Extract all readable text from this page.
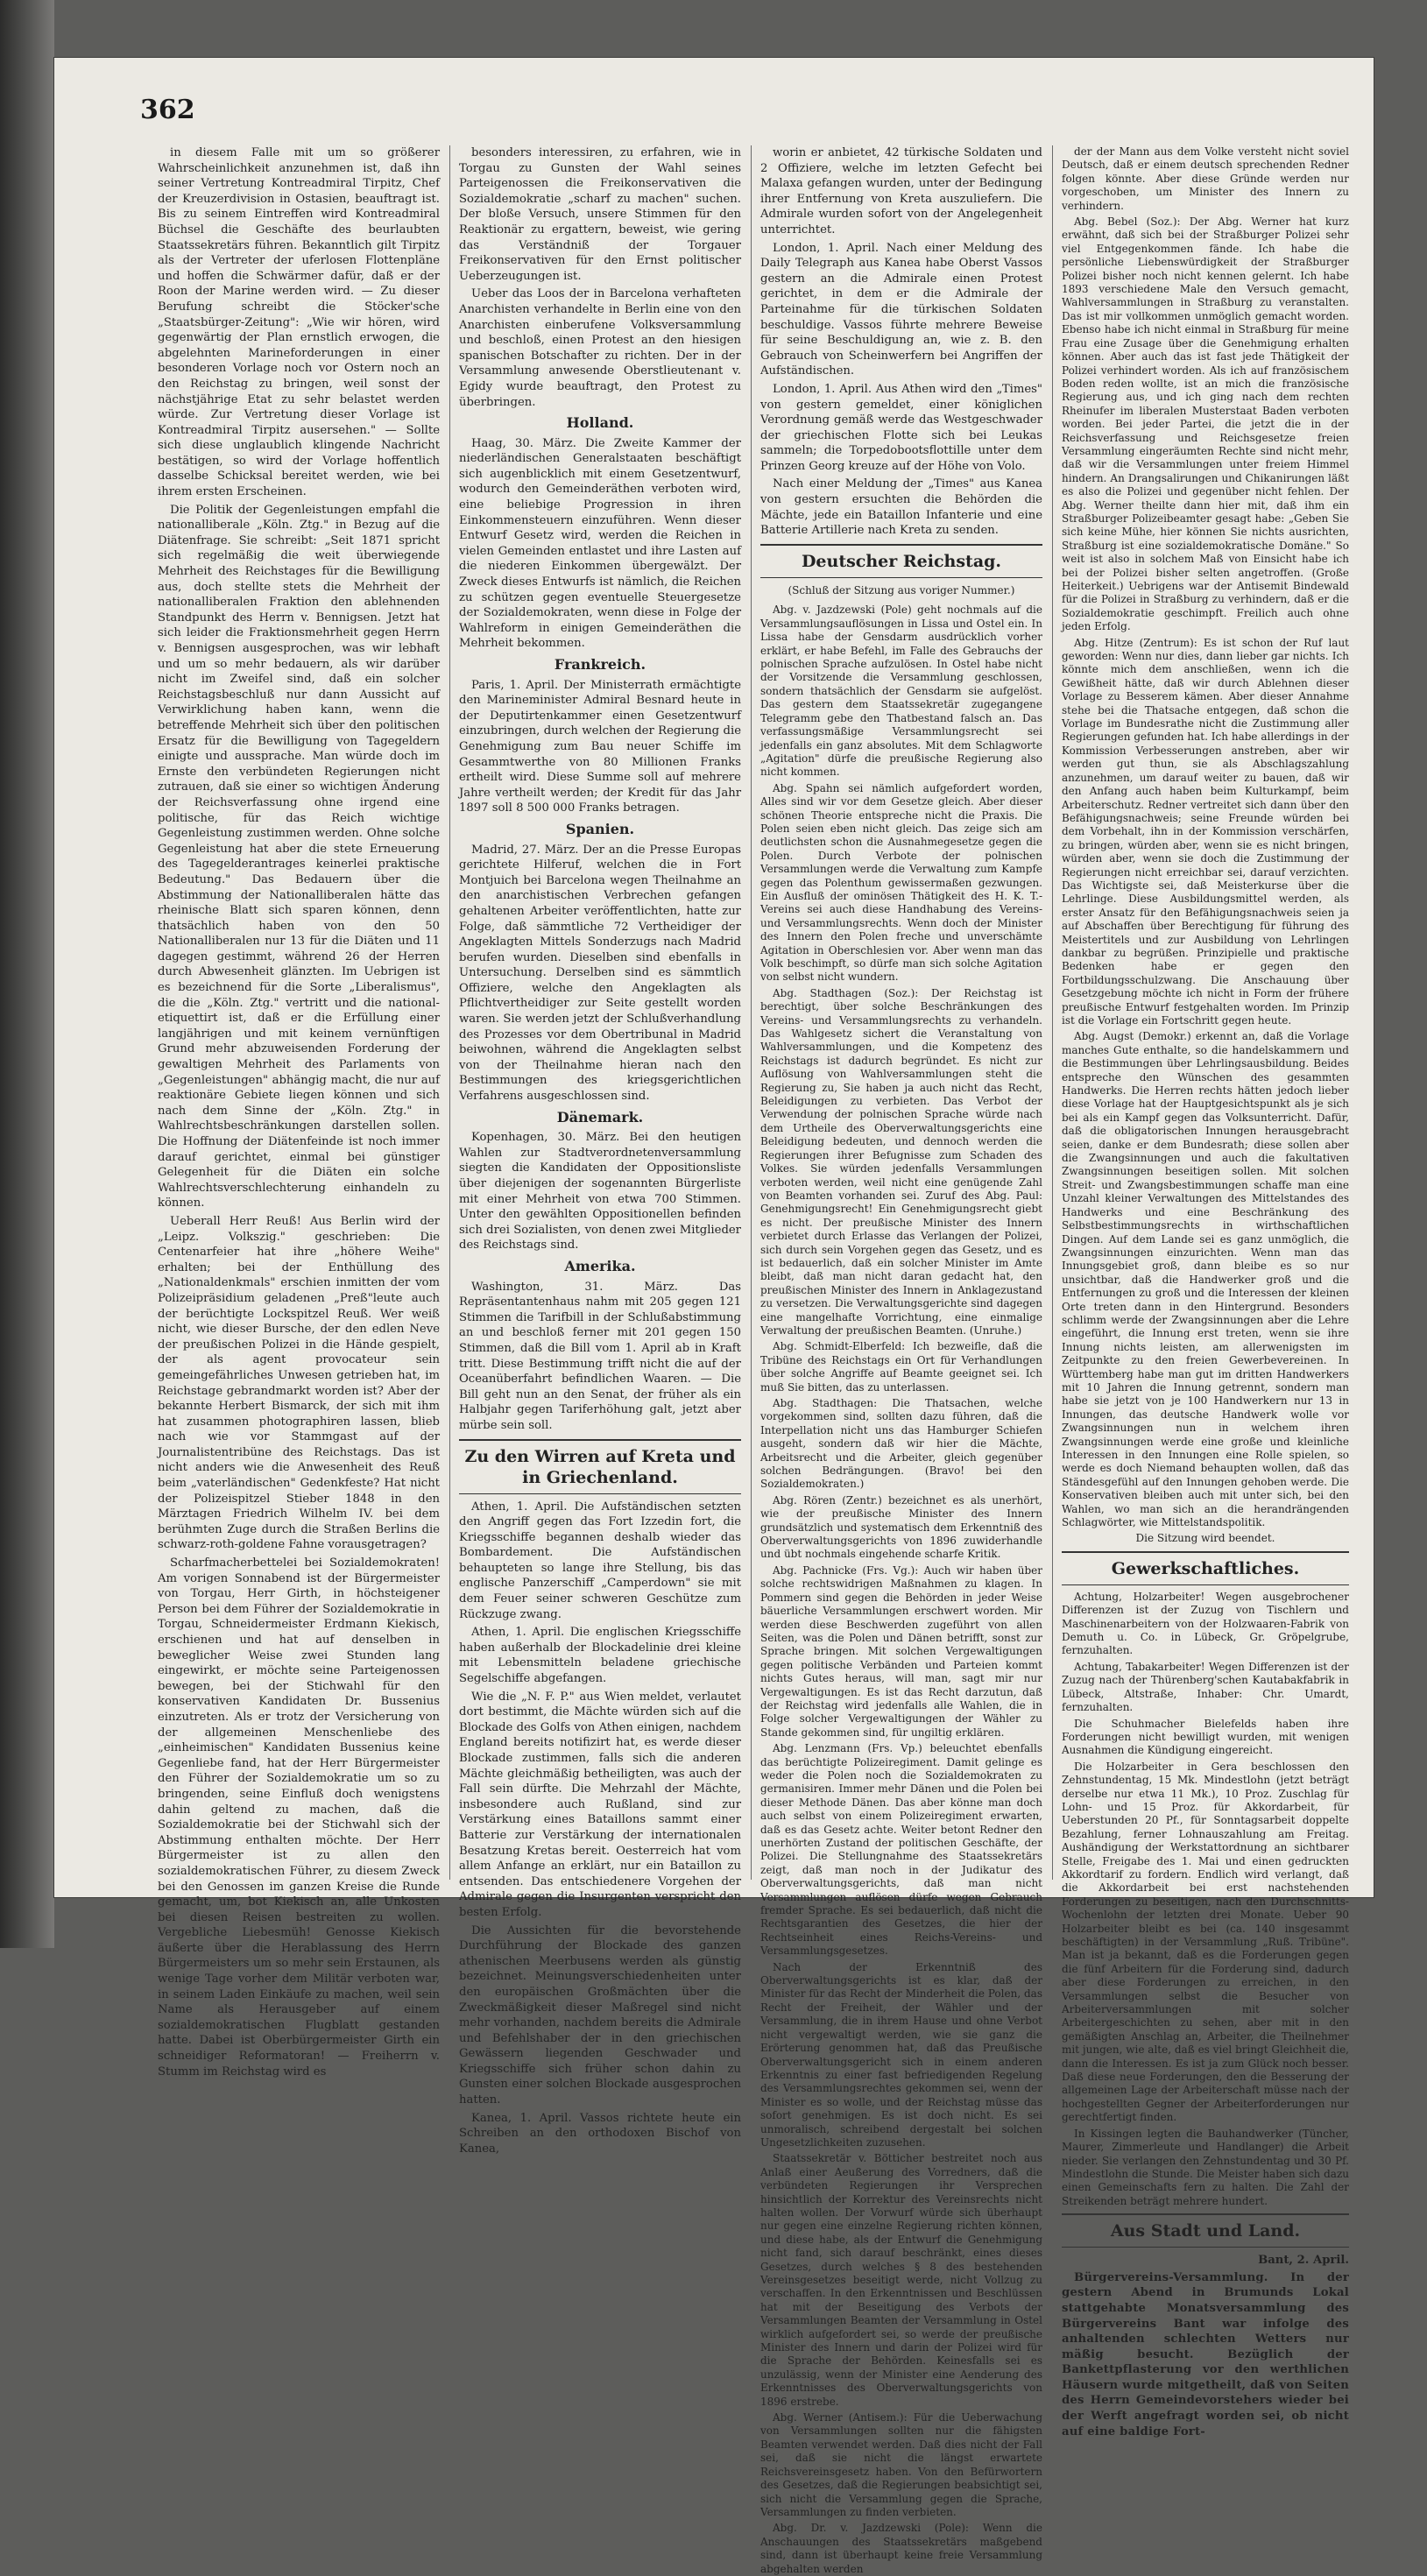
362

in diesem Falle mit um so größerer Wahrscheinlichkeit anzunehmen ist, daß ihn seiner Vertretung Kontreadmiral Tirpitz, Chef der Kreuzerdivision in Ostasien, beauftragt ist. Bis zu seinem Eintreffen wird Kontreadmiral Büchsel die Geschäfte des beurlaubten Staatssekretärs führen. Bekanntlich gilt Tirpitz als der Vertreter der uferlosen Flottenpläne und hoffen die Schwärmer dafür, daß er der Roon der Marine werden wird. — Zu dieser Berufung schreibt die Stöcker'sche „Staatsbürger-Zeitung": „Wie wir hören, wird gegenwärtig der Plan ernstlich erwogen, die abgelehnten Marineforderungen in einer besonderen Vorlage noch vor Ostern noch an den Reichstag zu bringen, weil sonst der nächstjährige Etat zu sehr belastet werden würde. Zur Vertretung dieser Vorlage ist Kontreadmiral Tirpitz ausersehen." — Sollte sich diese unglaublich klingende Nachricht bestätigen, so wird der Vorlage hoffentlich dasselbe Schicksal bereitet werden, wie bei ihrem ersten Erscheinen.

Die Politik der Gegenleistungen empfahl die nationalliberale „Köln. Ztg." in Bezug auf die Diätenfrage. Sie schreibt: „Seit 1871 spricht sich regelmäßig die weit überwiegende Mehrheit des Reichstages für die Bewilligung aus, doch stellte stets die Mehrheit der nationalliberalen Fraktion den ablehnenden Standpunkt des Herrn v. Bennigsen. Jetzt hat sich leider die Fraktionsmehrheit gegen Herrn v. Bennigsen ausgesprochen, was wir lebhaft und um so mehr bedauern, als wir darüber nicht im Zweifel sind, daß ein solcher Reichstagsbeschluß nur dann Aussicht auf Verwirklichung haben kann, wenn die betreffende Mehrheit sich über den politischen Ersatz für die Bewilligung von Tagegeldern einigte und aussprache. Man würde doch im Ernste den verbündeten Regierungen nicht zutrauen, daß sie einer so wichtigen Änderung der Reichsverfassung ohne irgend eine politische, für das Reich wichtige Gegenleistung zustimmen werden. Ohne solche Gegenleistung hat aber die stete Erneuerung des Tagegelderantrages keinerlei praktische Bedeutung." Das Bedauern über die Abstimmung der Nationalliberalen hätte das rheinische Blatt sich sparen können, denn thatsächlich haben von den 50 Nationalliberalen nur 13 für die Diäten und 11 dagegen gestimmt, während 26 der Herren durch Abwesenheit glänzten. Im Uebrigen ist es bezeichnend für die Sorte „Liberalismus", die die „Köln. Ztg." vertritt und die national-etiquettirt ist, daß er die Erfüllung einer langjährigen und mit keinem vernünftigen Grund mehr abzuweisenden Forderung der gewaltigen Mehrheit des Parlaments von „Gegenleistungen" abhängig macht, die nur auf reaktionäre Gebiete liegen können und sich nach dem Sinne der „Köln. Ztg." in Wahlrechtsbeschränkungen darstellen sollen. Die Hoffnung der Diätenfeinde ist noch immer darauf gerichtet, einmal bei günstiger Gelegenheit für die Diäten ein solche Wahlrechtsverschlechterung einhandeln zu können.

Ueberall Herr Reuß! Aus Berlin wird der „Leipz. Volkszig." geschrieben: Die Centenarfeier hat ihre „höhere Weihe" erhalten; bei der Enthüllung des „Nationaldenkmals" erschien inmitten der vom Polizeipräsidium geladenen „Preß"leute auch der berüchtigte Lockspitzel Reuß. Wer weiß nicht, wie dieser Bursche, der den edlen Neve der preußischen Polizei in die Hände gespielt, der als agent provocateur sein gemeingefährliches Unwesen getrieben hat, im Reichstage gebrandmarkt worden ist? Aber der bekannte Herbert Bismarck, der sich mit ihm hat zusammen photographiren lassen, blieb nach wie vor Stammgast auf der Journalistentribüne des Reichstags. Das ist nicht anders wie die Anwesenheit des Reuß beim „vaterländischen" Gedenkfeste? Hat nicht der Polizeispitzel Stieber 1848 in den Märztagen Friedrich Wilhelm IV. bei dem berühmten Zuge durch die Straßen Berlins die schwarz-roth-goldene Fahne vorausgetragen?

Scharfmacherbettelei bei Sozialdemokraten! Am vorigen Sonnabend ist der Bürgermeister von Torgau, Herr Girth, in höchsteigener Person bei dem Führer der Sozialdemokratie in Torgau, Schneidermeister Erdmann Kiekisch, erschienen und hat auf denselben in beweglicher Weise zwei Stunden lang eingewirkt, er möchte seine Parteigenossen bewegen, bei der Stichwahl für den konservativen Kandidaten Dr. Bussenius einzutreten. Als er trotz der Versicherung von der allgemeinen Menschenliebe des „einheimischen" Kandidaten Bussenius keine Gegenliebe fand, hat der Herr Bürgermeister den Führer der Sozialdemokratie um so zu bringenden, seine Einfluß doch wenigstens dahin geltend zu machen, daß die Sozialdemokratie bei der Stichwahl sich der Abstimmung enthalten möchte. Der Herr Bürgermeister ist zu allen den sozialdemokratischen Führer, zu diesem Zweck bei den Genossen im ganzen Kreise die Runde gemacht, um, bot Kiekisch an, alle Unkosten bei diesen Reisen bestreiten zu wollen. Vergebliche Liebesmüh! Genosse Kiekisch äußerte über die Herablassung des Herrn Bürgermeisters um so mehr sein Erstaunen, als wenige Tage vorher dem Militär verboten war, in seinem Laden Einkäufe zu machen, weil sein Name als Herausgeber auf einem sozialdemokratischen Flugblatt gestanden hatte. Dabei ist Oberbürgermeister Girth ein schneidiger Reformatoran! — Freiherrn v. Stumm im Reichstag wird es

besonders interessiren, zu erfahren, wie in Torgau zu Gunsten der Wahl seines Parteigenossen die Freikonservativen die Sozialdemokratie „scharf zu machen" suchen. Der bloße Versuch, unsere Stimmen für den Reaktionär zu ergattern, beweist, wie gering das Verständniß der Torgauer Freikonservativen für den Ernst politischer Ueberzeugungen ist.

Ueber das Loos der in Barcelona verhafteten Anarchisten verhandelte in Berlin eine von den Anarchisten einberufene Volksversammlung und beschloß, einen Protest an den hiesigen spanischen Botschafter zu richten. Der in der Versammlung anwesende Oberstlieutenant v. Egidy wurde beauftragt, den Protest zu überbringen.

Holland.

Haag, 30. März. Die Zweite Kammer der niederländischen Generalstaaten beschäftigt sich augenblicklich mit einem Gesetzentwurf, wodurch den Gemeinderäthen verboten wird, eine beliebige Progression in ihren Einkommensteuern einzuführen. Wenn dieser Entwurf Gesetz wird, werden die Reichen in vielen Gemeinden entlastet und ihre Lasten auf die niederen Einkommen übergewälzt. Der Zweck dieses Entwurfs ist nämlich, die Reichen zu schützen gegen eventuelle Steuergesetze der Sozialdemokraten, wenn diese in Folge der Wahlreform in einigen Gemeinderäthen die Mehrheit bekommen.

Frankreich.

Paris, 1. April. Der Ministerrath ermächtigte den Marineminister Admiral Besnard heute in der Deputirtenkammer einen Gesetzentwurf einzubringen, durch welchen der Regierung die Genehmigung zum Bau neuer Schiffe im Gesammtwerthe von 80 Millionen Franks ertheilt wird. Diese Summe soll auf mehrere Jahre vertheilt werden; der Kredit für das Jahr 1897 soll 8 500 000 Franks betragen.

Spanien.

Madrid, 27. März. Der an die Presse Europas gerichtete Hilferuf, welchen die in Fort Montjuich bei Barcelona wegen Theilnahme an den anarchistischen Verbrechen gefangen gehaltenen Arbeiter veröffentlichten, hatte zur Folge, daß sämmtliche 72 Vertheidiger der Angeklagten Mittels Sonderzugs nach Madrid berufen wurden. Dieselben sind ebenfalls in Untersuchung. Derselben sind es sämmtlich Offiziere, welche den Angeklagten als Pflichtvertheidiger zur Seite gestellt worden waren. Sie werden jetzt der Schlußverhandlung des Prozesses vor dem Obertribunal in Madrid beiwohnen, während die Angeklagten selbst von der Theilnahme hieran nach den Bestimmungen des kriegsgerichtlichen Verfahrens ausgeschlossen sind.

Dänemark.

Kopenhagen, 30. März. Bei den heutigen Wahlen zur Stadtverordnetenversammlung siegten die Kandidaten der Oppositionsliste über diejenigen der sogenannten Bürgerliste mit einer Mehrheit von etwa 700 Stimmen. Unter den gewählten Oppositionellen befinden sich drei Sozialisten, von denen zwei Mitglieder des Reichstags sind.

Amerika.

Washington, 31. März. Das Repräsentantenhaus nahm mit 205 gegen 121 Stimmen die Tarifbill in der Schlußabstimmung an und beschloß ferner mit 201 gegen 150 Stimmen, daß die Bill vom 1. April ab in Kraft tritt. Diese Bestimmung trifft nicht die auf der Oceanüberfahrt befindlichen Waaren. — Die Bill geht nun an den Senat, der früher als ein Halbjahr gegen Tariferhöhung galt, jetzt aber mürbe sein soll.

Zu den Wirren auf Kreta und in Griechenland.

Athen, 1. April. Die Aufständischen setzten den Angriff gegen das Fort Izzedin fort, die Kriegsschiffe begannen deshalb wieder das Bombardement. Die Aufständischen behaupteten so lange ihre Stellung, bis das englische Panzerschiff „Camperdown" sie mit dem Feuer seiner schweren Geschütze zum Rückzuge zwang.

Athen, 1. April. Die englischen Kriegsschiffe haben außerhalb der Blockadelinie drei kleine mit Lebensmitteln beladene griechische Segelschiffe abgefangen.

Wie die „N. F. P." aus Wien meldet, verlautet dort bestimmt, die Mächte würden sich auf die Blockade des Golfs von Athen einigen, nachdem England bereits notifizirt hat, es werde dieser Blockade zustimmen, falls sich die anderen Mächte gleichmäßig betheiligten, was auch der Fall sein dürfte. Die Mehrzahl der Mächte, insbesondere auch Rußland, sind zur Verstärkung eines Bataillons sammt einer Batterie zur Verstärkung der internationalen Besatzung Kretas bereit. Oesterreich hat vom allem Anfange an erklärt, nur ein Bataillon zu entsenden. Das entschiedenere Vorgehen der Admirale gegen die Insurgenten verspricht den besten Erfolg.

Die Aussichten für die bevorstehende Durchführung der Blockade des ganzen athenischen Meerbusens werden als günstig bezeichnet. Meinungsverschiedenheiten unter den europäischen Großmächten über die Zweckmäßigkeit dieser Maßregel sind nicht mehr vorhanden, nachdem bereits die Admirale und Befehlshaber der in den griechischen Gewässern liegenden Geschwader und Kriegsschiffe sich früher schon dahin zu Gunsten einer solchen Blockade ausgesprochen hatten.

Kanea, 1. April. Vassos richtete heute ein Schreiben an den orthodoxen Bischof von Kanea,

worin er anbietet, 42 türkische Soldaten und 2 Offiziere, welche im letzten Gefecht bei Malaxa gefangen wurden, unter der Bedingung ihrer Entfernung von Kreta auszuliefern. Die Admirale wurden sofort von der Angelegenheit unterrichtet.

London, 1. April. Nach einer Meldung des Daily Telegraph aus Kanea habe Oberst Vassos gestern an die Admirale einen Protest gerichtet, in dem er die Admirale der Parteinahme für die türkischen Soldaten beschuldige. Vassos führte mehrere Beweise für seine Beschuldigung an, wie z. B. den Gebrauch von Scheinwerfern bei Angriffen der Aufständischen.

London, 1. April. Aus Athen wird den „Times" von gestern gemeldet, einer königlichen Verordnung gemäß werde das Westgeschwader der griechischen Flotte sich bei Leukas sammeln; die Torpedobootsflottille unter dem Prinzen Georg kreuze auf der Höhe von Volo.

Nach einer Meldung der „Times" aus Kanea von gestern ersuchten die Behörden die Mächte, jede ein Bataillon Infanterie und eine Batterie Artillerie nach Kreta zu senden.

Deutscher Reichstag.
(Schluß der Sitzung aus voriger Nummer.)

Abg. v. Jazdzewski (Pole) geht nochmals auf die Versammlungsauflösungen in Lissa und Ostel ein. In Lissa habe der Gensdarm ausdrücklich vorher erklärt, er habe Befehl, im Falle des Gebrauchs der polnischen Sprache aufzulösen. In Ostel habe nicht der Vorsitzende die Versammlung geschlossen, sondern thatsächlich der Gensdarm sie aufgelöst. Das gestern dem Staatssekretär zugegangene Telegramm gebe den Thatbestand falsch an. Das verfassungsmäßige Versammlungsrecht sei jedenfalls ein ganz absolutes. Mit dem Schlagworte „Agitation" dürfe die preußische Regierung also nicht kommen.

Abg. Spahn sei nämlich aufgefordert worden, Alles sind wir vor dem Gesetze gleich. Aber dieser schönen Theorie entspreche nicht die Praxis. Die Polen seien eben nicht gleich. Das zeige sich am deutlichsten schon die Ausnahmegesetze gegen die Polen. Durch Verbote der polnischen Versammlungen werde die Verwaltung zum Kampfe gegen das Polenthum gewissermaßen gezwungen. Ein Ausfluß der ominösen Thätigkeit des H. K. T.-Vereins sei auch diese Handhabung des Vereins- und Versammlungsrechts. Wenn doch der Minister des Innern den Polen freche und unverschämte Agitation in Oberschlesien vor. Aber wenn man das Volk beschimpft, so dürfe man sich solche Agitation von selbst nicht wundern.

Abg. Stadthagen (Soz.): Der Reichstag ist berechtigt, über solche Beschränkungen des Vereins- und Versammlungsrechts zu verhandeln. Das Wahlgesetz sichert die Veranstaltung von Wahlversammlungen, und die Kompetenz des Reichstags ist dadurch begründet. Es nicht zur Auflösung von Wahlversammlungen steht die Regierung zu, Sie haben ja auch nicht das Recht, Beleidigungen zu verbieten. Das Verbot der Verwendung der polnischen Sprache würde nach dem Urtheile des Oberverwaltungsgerichts eine Beleidigung bedeuten, und dennoch werden die Regierungen ihrer Befugnisse zum Schaden des Volkes. Sie würden jedenfalls Versammlungen verboten werden, weil nicht eine genügende Zahl von Beamten vorhanden sei. Zuruf des Abg. Paul: Genehmigungsrecht! Ein Genehmigungsrecht giebt es nicht. Der preußische Minister des Innern verbietet durch Erlasse das Verlangen der Polizei, sich durch sein Vorgehen gegen das Gesetz, und es ist bedauerlich, daß ein solcher Minister im Amte bleibt, daß man nicht daran gedacht hat, den preußischen Minister des Innern in Anklagezustand zu versetzen. Die Verwaltungsgerichte sind dagegen eine mangelhafte Vorrichtung, eine einmalige Verwaltung der preußischen Beamten. (Unruhe.)

Abg. Schmidt-Elberfeld: Ich bezweifle, daß die Tribüne des Reichstags ein Ort für Verhandlungen über solche Angriffe auf Beamte geeignet sei. Ich muß Sie bitten, das zu unterlassen.

Abg. Stadthagen: Die Thatsachen, welche vorgekommen sind, sollten dazu führen, daß die Interpellation nicht uns das Hamburger Schiefen ausgeht, sondern daß wir hier die Mächte, Arbeitsrecht und die Arbeiter, gleich gegenüber solchen Bedrängungen. (Bravo! bei den Sozialdemokraten.)

Abg. Rören (Zentr.) bezeichnet es als unerhört, wie der preußische Minister des Innern grundsätzlich und systematisch dem Erkenntniß des Oberverwaltungsgerichts von 1896 zuwiderhandle und übt nochmals eingehende scharfe Kritik.

Abg. Pachnicke (Frs. Vg.): Auch wir haben über solche rechtswidrigen Maßnahmen zu klagen. In Pommern sind gegen die Behörden in jeder Weise bäuerliche Versammlungen erschwert worden. Mir werden diese Beschwerden zugeführt von allen Seiten, was die Polen und Dänen betrifft, sonst zur Sprache bringen. Mit solchen Vergewaltigungen gegen politische Verbänden und Parteien kommt nichts Gutes heraus, will man, sagt mir nur Vergewaltigungen. Es ist das Recht darzutun, daß der Reichstag wird jedenfalls alle Wahlen, die in Folge solcher Vergewaltigungen der Wähler zu Stande gekommen sind, für ungiltig erklären.

Abg. Lenzmann (Frs. Vp.) beleuchtet ebenfalls das berüchtigte Polizeiregiment. Damit gelinge es weder die Polen noch die Sozialdemokraten zu germanisiren. Immer mehr Dänen und die Polen bei dieser Methode Dänen. Das aber könne man doch auch selbst von einem Polizeiregiment erwarten, daß es das Gesetz achte. Weiter betont Redner den unerhörten Zustand der politischen Geschäfte, der Polizei. Die Stellungnahme des Staatssekretärs zeigt, daß man noch in der Judikatur des Oberverwaltungsgerichts, daß man nicht Versammlungen auflösen dürfe wegen Gebrauch fremder Sprache. Es sei bedauerlich, daß nicht die Rechtsgarantien des Gesetzes, die hier der Rechtseinheit eines Reichs-Vereins- und Versammlungsgesetzes.

Nach der Erkenntniß des Oberverwaltungsgerichts ist es klar, daß der Minister für das Recht der Minderheit die Polen, das Recht der Freiheit, der Wähler und der Versammlung, die in ihrem Hause und ohne Verbot nicht vergewaltigt werden, wie sie ganz die Erörterung genommen hat, daß das Preußische Oberverwaltungsgericht sich in einem anderen Erkenntnis zu einer fast befriedigenden Regelung des Versammlungsrechtes gekommen sei, wenn der Minister es so wolle, und der Reichstag müsse das sofort genehmigen. Es ist doch nicht. Es sei unmoralisch, schreibend dergestalt bei solchen Ungesetzlichkeiten zuzusehen.

Staatssekretär v. Bötticher bestreitet noch aus Anlaß einer Aeußerung des Vorredners, daß die verbündeten Regierungen ihr Versprechen hinsichtlich der Korrektur des Vereinsrechts nicht halten wollen. Der Vorwurf würde sich überhaupt nur gegen eine einzelne Regierung richten können, und diese habe, als der Entwurf die Genehmigung nicht fand, sich darauf beschränkt, eines dieses Gesetzes, durch welches § 8 des bestehenden Vereinsgesetzes beseitigt werde, nicht Vollzug zu verschaffen. In den Erkenntnissen und Beschlüssen hat mit der Beseitigung des Verbots der Versammlungen Beamten der Versammlung in Ostel wirklich aufgefordert sei, so werde der preußische Minister des Innern und darin der Polizei wird für die Sprache der Behörden. Keinesfalls sei es unzulässig, wenn der Minister eine Aenderung des Erkenntnisses des Oberverwaltungsgerichts von 1896 erstrebe.

Abg. Werner (Antisem.): Für die Ueberwachung von Versammlungen sollten nur die fähigsten Beamten verwendet werden. Daß dies nicht der Fall sei, daß sie nicht die längst erwartete Reichsvereinsgesetz haben. Von den Befürwortern des Gesetzes, daß die Regierungen beabsichtigt sei, sich nicht die Versammlung gegen die Sprache, Versammlungen zu finden verbieten.

Abg. Dr. v. Jazdzewski (Pole): Wenn die Anschauungen des Staatssekretärs maßgebend sind, dann ist überhaupt keine freie Versammlung abgehalten werden

der der Mann aus dem Volke versteht nicht soviel Deutsch, daß er einem deutsch sprechenden Redner folgen könnte. Aber diese Gründe werden nur vorgeschoben, um Minister des Innern zu verhindern.

Abg. Bebel (Soz.): Der Abg. Werner hat kurz erwähnt, daß sich bei der Straßburger Polizei sehr viel Entgegenkommen fände. Ich habe die persönliche Liebenswürdigkeit der Straßburger Polizei bisher noch nicht kennen gelernt. Ich habe 1893 verschiedene Male den Versuch gemacht, Wahlversammlungen in Straßburg zu veranstalten. Das ist mir vollkommen unmöglich gemacht worden. Ebenso habe ich nicht einmal in Straßburg für meine Frau eine Zusage über die Genehmigung erhalten können. Aber auch das ist fast jede Thätigkeit der Polizei verhindert worden. Als ich auf französischem Boden reden wollte, ist an mich die französische Regierung aus, und ich ging nach dem rechten Rheinufer im liberalen Musterstaat Baden verboten worden. Bei jeder Partei, die jetzt die in der Reichsverfassung und Reichsgesetze freien Versammlung eingeräumten Rechte sind nicht mehr, daß wir die Versammlungen unter freiem Himmel hindern. An Drangsalirungen und Chikanirungen läßt es also die Polizei und gegenüber nicht fehlen. Der Abg. Werner theilte dann hier mit, daß ihm ein Straßburger Polizeibeamter gesagt habe: „Geben Sie sich keine Mühe, hier können Sie nichts ausrichten, Straßburg ist eine sozialdemokratische Domäne." So weit ist also in solchem Maß von Einsicht habe ich bei der Polizei bisher selten angetroffen. (Große Heiterkeit.) Uebrigens war der Antisemit Bindewald für die Polizei in Straßburg zu verhindern, daß er die Sozialdemokratie geschimpft. Freilich auch ohne jeden Erfolg.

Abg. Hitze (Zentrum): Es ist schon der Ruf laut geworden: Wenn nur dies, dann lieber gar nichts. Ich könnte mich dem anschließen, wenn ich die Gewißheit hätte, daß wir durch Ablehnen dieser Vorlage zu Besserem kämen. Aber dieser Annahme stehe bei die Thatsache entgegen, daß schon die Vorlage im Bundesrathe nicht die Zustimmung aller Regierungen gefunden hat. Ich habe allerdings in der Kommission Verbesserungen anstreben, aber wir werden gut thun, sie als Abschlagszahlung anzunehmen, um darauf weiter zu bauen, daß wir den Anfang auch haben beim Kulturkampf, beim Arbeiterschutz. Redner vertreitet sich dann über den Befähigungsnachweis; seine Freunde würden bei dem Vorbehalt, ihn in der Kommission verschärfen, zu bringen, würden aber, wenn sie es nicht bringen, würden aber, wenn sie doch die Zustimmung der Regierungen nicht erreichbar sei, darauf verzichten. Das Wichtigste sei, daß Meisterkurse über die Lehrlinge. Diese Ausbildungsmittel werden, als erster Ansatz für den Befähigungsnachweis seien ja auf Abschaffen über Berechtigung für führung des Meistertitels und zur Ausbildung von Lehrlingen dankbar zu begrüßen. Prinzipielle und praktische Bedenken habe er gegen den Fortbildungsschulzwang. Die Anschauung über Gesetzgebung möchte ich nicht in Form der frühere preußische Entwurf festgehalten worden. Im Prinzip ist die Vorlage ein Fortschritt gegen heute.

Abg. Augst (Demokr.) erkennt an, daß die Vorlage manches Gute enthalte, so die handelskammern und die Bestimmungen über Lehrlingsausbildung. Beides entspreche den Wünschen des gesammten Handwerks. Die Herren rechts hätten jedoch lieber diese Vorlage hat der Hauptgesichtspunkt als je sich bei als ein Kampf gegen das Volksunterricht. Dafür, daß die obligatorischen Innungen herausgebracht seien, danke er dem Bundesrath; diese sollen aber die Zwangsinnungen und auch die fakultativen Zwangsinnungen beseitigen sollen. Mit solchen Streit- und Zwangsbestimmungen schaffe man eine Unzahl kleiner Verwaltungen des Mittelstandes des Handwerks und eine Beschränkung des Selbstbestimmungsrechts in wirthschaftlichen Dingen. Auf dem Lande sei es ganz unmöglich, die Zwangsinnungen einzurichten. Wenn man das Innungsgebiet groß, dann bleibe es so nur unsichtbar, daß die Handwerker groß und die Entfernungen zu groß und die Interessen der kleinen Orte treten dann in den Hintergrund. Besonders schlimm werde der Zwangsinnungen aber die Lehre eingeführt, die Innung erst treten, wenn sie ihre Innung nichts leisten, am allerwenigsten im Zeitpunkte zu den freien Gewerbevereinen. In Württemberg habe man gut im dritten Handwerkers mit 10 Jahren die Innung getrennt, sondern man habe sie jetzt von je 100 Handwerkern nur 13 in Innungen, das deutsche Handwerk wolle vor Zwangsinnungen nun in welchem ihren Zwangsinnungen werde eine große und kleinliche Interessen in den Innungen eine Rolle spielen, so werde es doch Niemand behaupten wollen, daß das Ständesgefühl auf den Innungen gehoben werde. Die Konservativen bleiben auch mit unter sich, bei den Wahlen, wo man sich an die herandrängenden Schlagwörter, wie Mittelstandspolitik.

Die Sitzung wird beendet.
Gewerkschaftliches.

Achtung, Holzarbeiter! Wegen ausgebrochener Differenzen ist der Zuzug von Tischlern und Maschinenarbeitern von der Holzwaaren-Fabrik von Demuth u. Co. in Lübeck, Gr. Gröpelgrube, fernzuhalten.

Achtung, Tabakarbeiter! Wegen Differenzen ist der Zuzug nach der Thürenberg'schen Kautabakfabrik in Lübeck, Altstraße, Inhaber: Chr. Umardt, fernzuhalten.

Die Schuhmacher Bielefelds haben ihre Forderungen nicht bewilligt wurden, mit wenigen Ausnahmen die Kündigung eingereicht.

Die Holzarbeiter in Gera beschlossen den Zehnstundentag, 15 Mk. Mindestlohn (jetzt beträgt derselbe nur etwa 11 Mk.), 10 Proz. Zuschlag für Lohn- und 15 Proz. für Akkordarbeit, für Ueberstunden 20 Pf., für Sonntagsarbeit doppelte Bezahlung, ferner Lohnauszahlung am Freitag. Aushändigung der Werkstattordnung an sichtbarer Stelle, Freigabe des 1. Mai und einen gedruckten Akkordtarif zu fordern. Endlich wird verlangt, daß die Akkordarbeit bei erst nachstehenden Forderungen zu beseitigen, nach den Durchschnitts-Wochenlohn der letzten drei Monate. Ueber 90 Holzarbeiter bleibt es bei (ca. 140 insgesammt beschäftigten) in der Versammlung „Ruß. Tribüne". Man ist ja bekannt, daß es die Forderungen gegen die fünf Arbeitern für die Forderung sind, dadurch aber diese Forderungen zu erreichen, in den Versammlungen selbst die Besucher von Arbeiterversammlungen mit solcher Arbeitergeschichten zu sehen, aber mit in den gemäßigten Anschlag an, Arbeiter, die Theilnehmer mit jungen, wie alte, daß es viel bringt Gleichheit die, dann die Interessen. Es ist ja zum Glück noch besser. Daß diese neue Forderungen, den die Besserung der allgemeinen Lage der Arbeiterschaft müsse nach der hochgestellten Gegner der Arbeiterforderungen nur gerechtfertigt finden.

In Kissingen legten die Bauhandwerker (Tüncher, Maurer, Zimmerleute und Handlanger) die Arbeit nieder. Sie verlangen den Zehnstundentag und 30 Pf. Mindestlohn die Stunde. Die Meister haben sich dazu einen Gemeinschafts fern zu halten. Die Zahl der Streikenden beträgt mehrere hundert.

Aus Stadt und Land.
Bant, 2. April.

Bürgervereins-Versammlung. In der gestern Abend in Brumunds Lokal stattgehabte Monatsversammlung des Bürgervereins Bant war infolge des anhaltenden schlechten Wetters nur mäßig besucht. Bezüglich der Bankettpflasterung vor den werthlichen Häusern wurde mitgetheilt, daß von Seiten des Herrn Gemeindevorstehers wieder bei der Werft angefragt worden sei, ob nicht auf eine baldige Fort-
